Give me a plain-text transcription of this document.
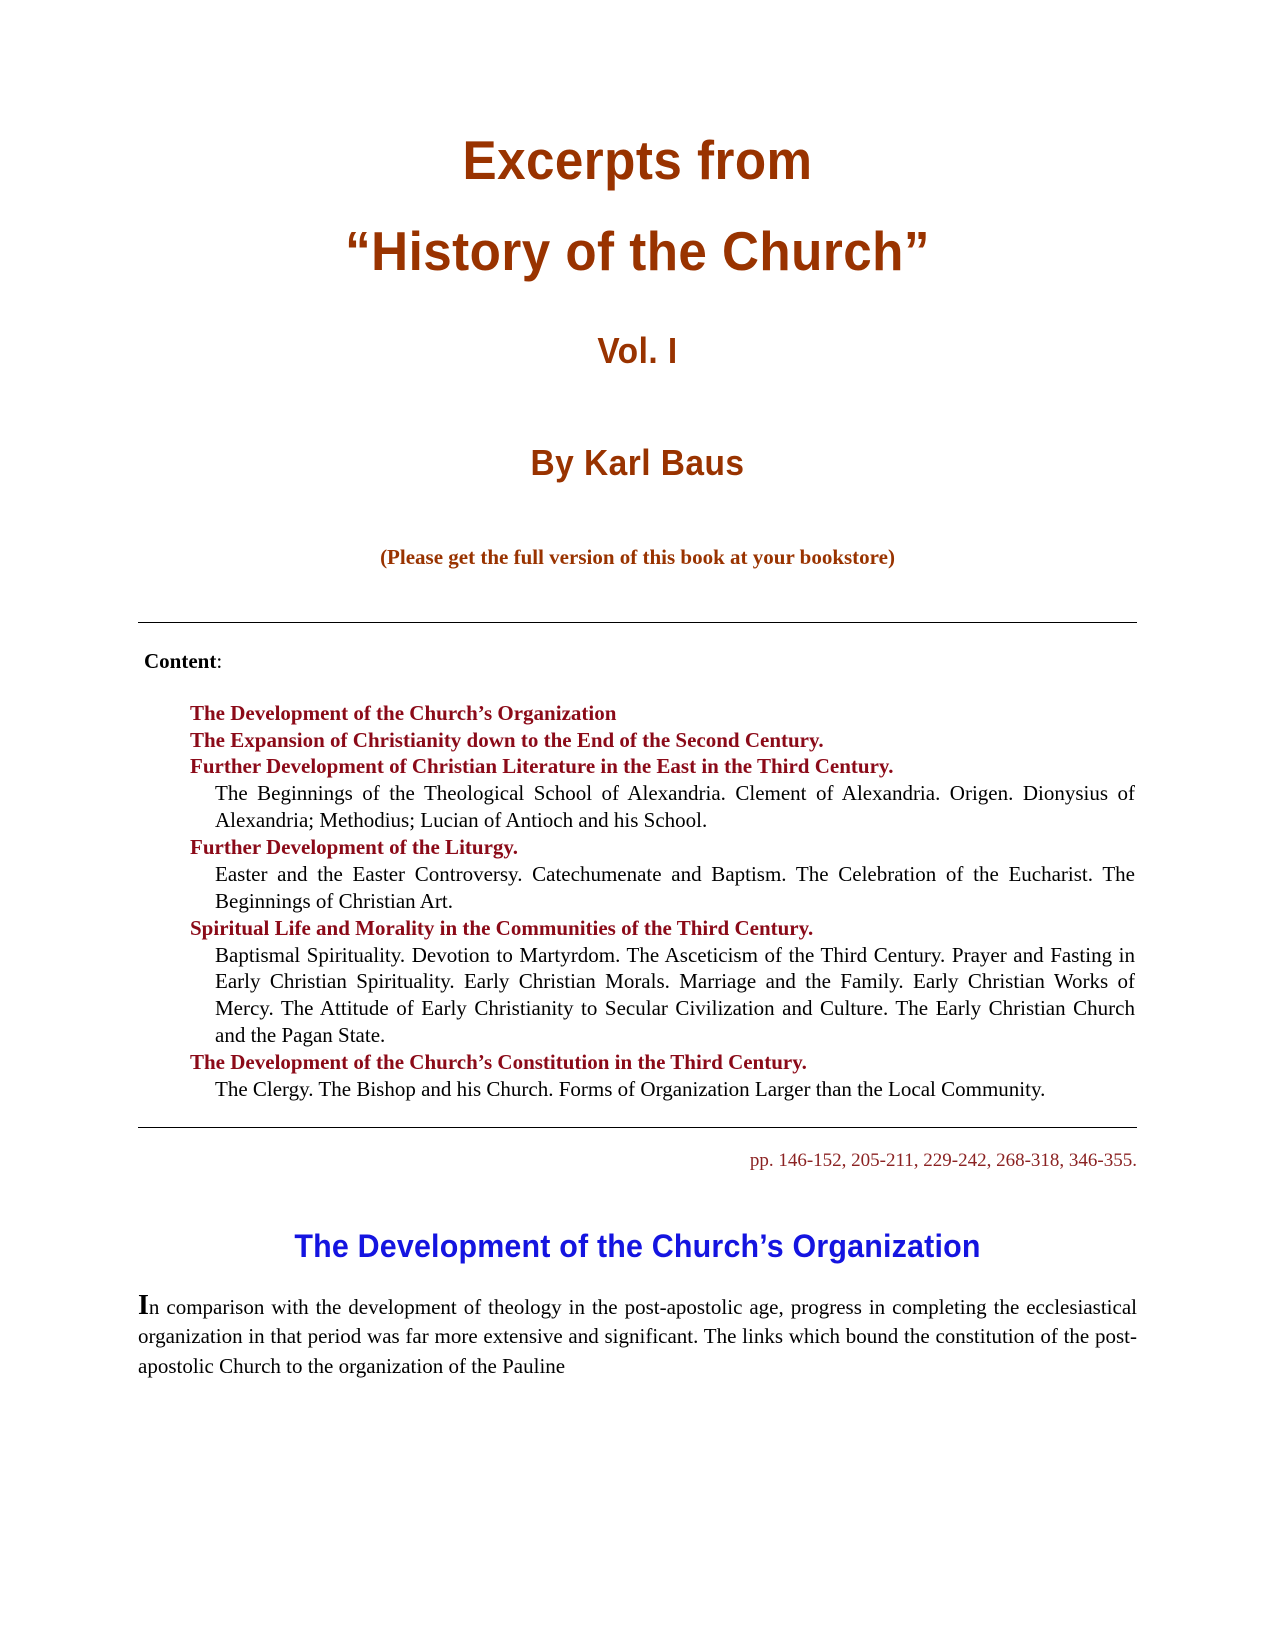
Excerpts from
“History of the Church”
Vol. I
By Karl Baus

(Please get the full version of this book at your bookstore)

Content:

The Development of the Church’s Organization

The Expansion of Christianity down to the End of the Second Century.

Further Development of Christian Literature in the East in the Third Century.

The Beginnings of the Theological School of Alexandria. Clement of Alexandria. Origen. Dionysius of Alexandria; Methodius; Lucian of Antioch and his School.

Further Development of the Liturgy.

Easter and the Easter Controversy. Catechumenate and Baptism. The Celebration of the Eucharist. The Beginnings of Christian Art.

Spiritual Life and Morality in the Communities of the Third Century.

Baptismal Spirituality. Devotion to Martyrdom. The Asceticism of the Third Century. Prayer and Fasting in Early Christian Spirituality. Early Christian Morals. Marriage and the Family. Early Christian Works of Mercy. The Attitude of Early Christianity to Secular Civilization and Culture. The Early Christian Church and the Pagan State.

The Development of the Church’s Constitution in the Third Century.

The Clergy. The Bishop and his Church. Forms of Organization Larger than the Local Community.

pp. 146-152, 205-211, 229-242, 268-318, 346-355.

The Development of the Church’s Organization

In comparison with the development of theology in the post-apostolic age, progress in completing the ecclesiastical organization in that period was far more extensive and significant. The links which bound the constitution of the post-apostolic Church to the organization of the Pauline
